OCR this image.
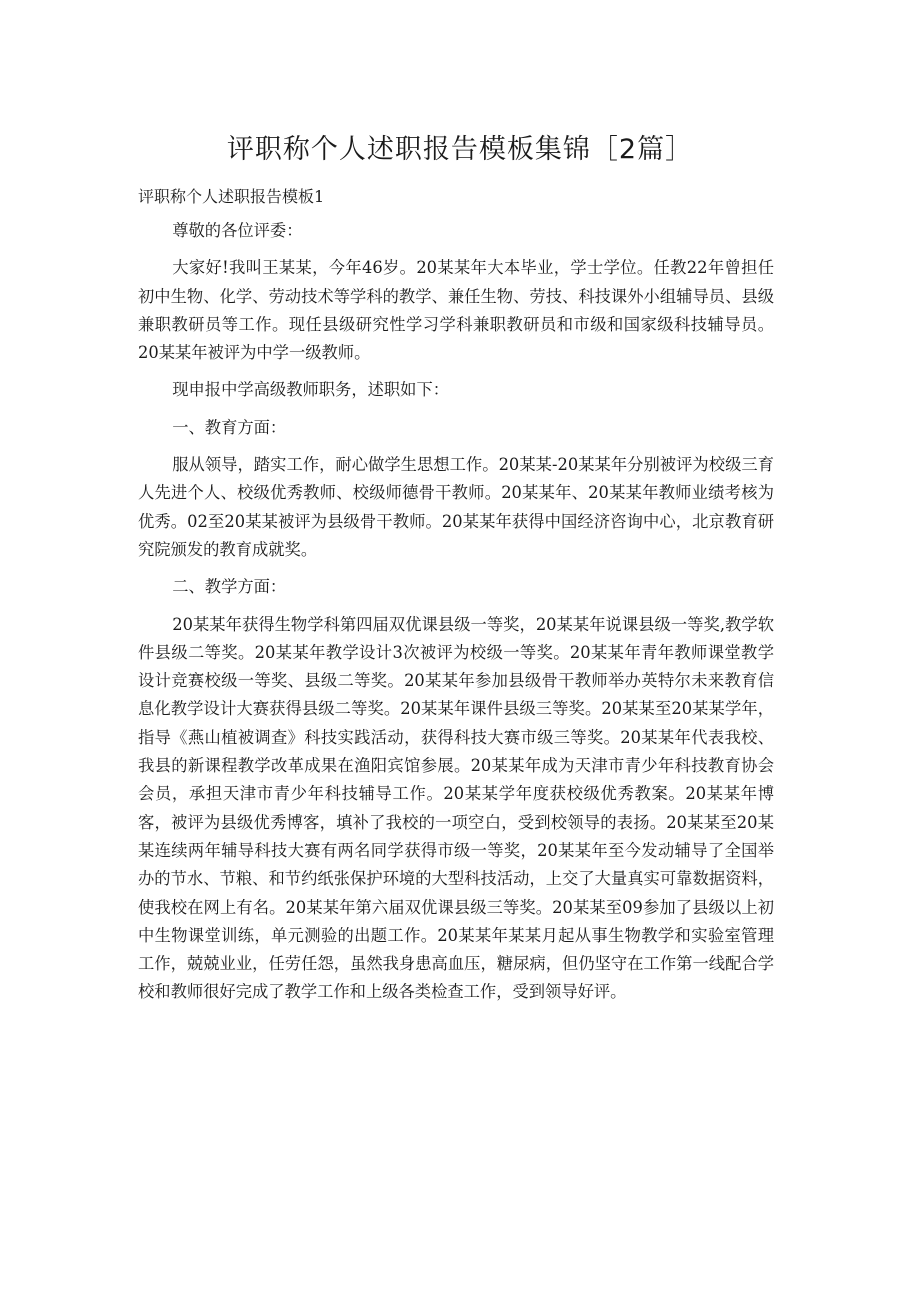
评职称个人述职报告模板集锦［2篇］
评职称个人述职报告模板1

尊敬的各位评委：

大家好!我叫王某某，今年46岁。20某某年大本毕业，学士学位。任教22年曾担任初中生物、化学、劳动技术等学科的教学、兼任生物、劳技、科技课外小组辅导员、县级兼职教研员等工作。现任县级研究性学习学科兼职教研员和市级和国家级科技辅导员。20某某年被评为中学一级教师。

现申报中学高级教师职务，述职如下：

一、教育方面：

服从领导，踏实工作，耐心做学生思想工作。20某某-20某某年分别被评为校级三育人先进个人、校级优秀教师、校级师德骨干教师。20某某年、20某某年教师业绩考核为优秀。02至20某某被评为县级骨干教师。20某某年获得中国经济咨询中心，北京教育研究院颁发的教育成就奖。

二、教学方面：

20某某年获得生物学科第四届双优课县级一等奖，20某某年说课县级一等奖,教学软件县级二等奖。20某某年教学设计3次被评为校级一等奖。20某某年青年教师课堂教学设计竞赛校级一等奖、县级二等奖。20某某年参加县级骨干教师举办英特尔未来教育信息化教学设计大赛获得县级二等奖。20某某年课件县级三等奖。20某某至20某某学年，指导《燕山植被调查》科技实践活动，获得科技大赛市级三等奖。20某某年代表我校、我县的新课程教学改革成果在渔阳宾馆参展。20某某年成为天津市青少年科技教育协会会员，承担天津市青少年科技辅导工作。20某某学年度获校级优秀教案。20某某年博客，被评为县级优秀博客，填补了我校的一项空白，受到校领导的表扬。20某某至20某某连续两年辅导科技大赛有两名同学获得市级一等奖，20某某年至今发动辅导了全国举办的节水、节粮、和节约纸张保护环境的大型科技活动，上交了大量真实可靠数据资料，使我校在网上有名。20某某年第六届双优课县级三等奖。20某某至09参加了县级以上初中生物课堂训练，单元测验的出题工作。20某某年某某月起从事生物教学和实验室管理工作，兢兢业业，任劳任怨，虽然我身患高血压，糖尿病，但仍坚守在工作第一线配合学校和教师很好完成了教学工作和上级各类检查工作，受到领导好评。
